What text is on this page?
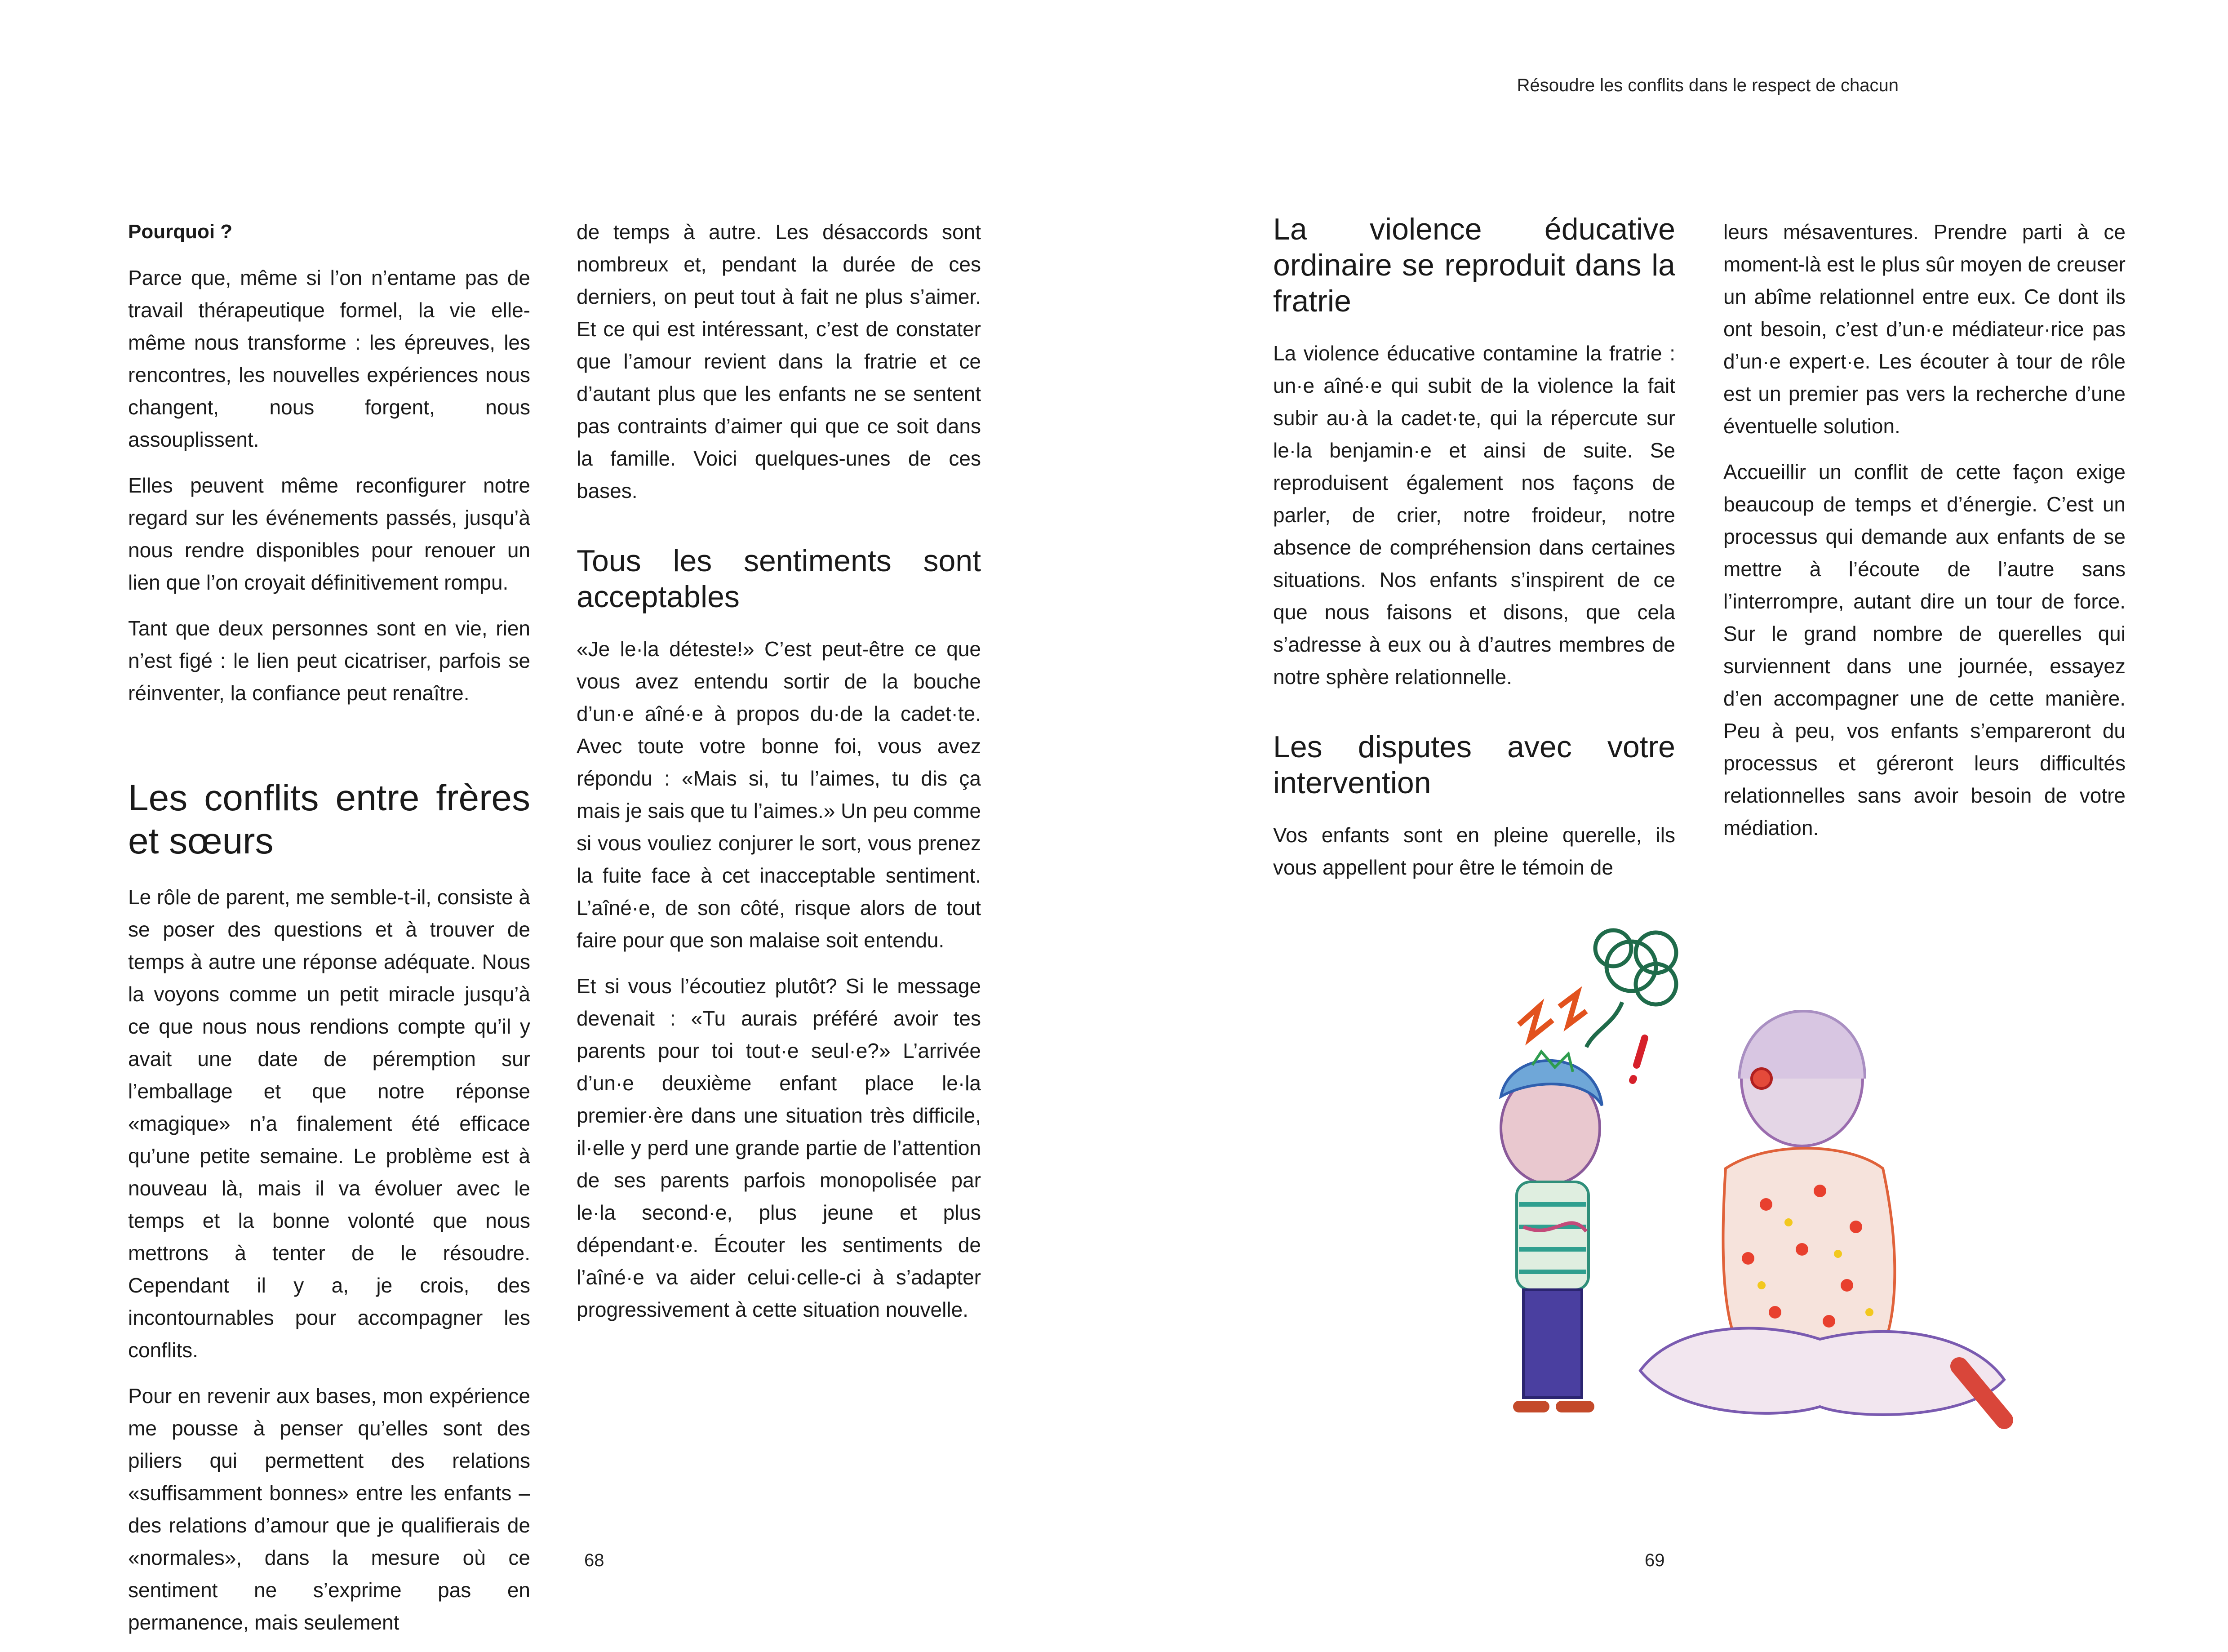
Résoudre les conflits dans le respect de chacun
Pourquoi ?

Parce que, même si l’on n’entame pas de travail thérapeutique formel, la vie elle-même nous transforme : les épreuves, les rencontres, les nouvelles expériences nous changent, nous forgent, nous assouplissent.

Elles peuvent même reconfigurer notre regard sur les événements passés, jusqu’à nous rendre disponibles pour renouer un lien que l’on croyait définitivement rompu.

Tant que deux personnes sont en vie, rien n’est figé : le lien peut cicatriser, parfois se réinventer, la confiance peut renaître.

Les conflits entre frères et sœurs

Le rôle de parent, me semble-t-il, consiste à se poser des questions et à trouver de temps à autre une réponse adéquate. Nous la voyons comme un petit miracle jusqu’à ce que nous nous rendions compte qu’il y avait une date de péremption sur l’emballage et que notre réponse «magique» n’a finalement été efficace qu’une petite semaine. Le problème est à nouveau là, mais il va évoluer avec le temps et la bonne volonté que nous mettrons à tenter de le résoudre. Cependant il y a, je crois, des incontournables pour accompagner les conflits.

Pour en revenir aux bases, mon expérience me pousse à penser qu’elles sont des piliers qui permettent des relations «suffisamment bonnes» entre les enfants – des relations d’amour que je qualifierais de «normales», dans la mesure où ce sentiment ne s’exprime pas en permanence, mais seulement

de temps à autre. Les désaccords sont nombreux et, pendant la durée de ces derniers, on peut tout à fait ne plus s’aimer. Et ce qui est intéressant, c’est de constater que l’amour revient dans la fratrie et ce d’autant plus que les enfants ne se sentent pas contraints d’aimer qui que ce soit dans la famille. Voici quelques-unes de ces bases.

Tous les sentiments sont acceptables

«Je le·la déteste!» C’est peut-être ce que vous avez entendu sortir de la bouche d’un·e aîné·e à propos du·de la cadet·te. Avec toute votre bonne foi, vous avez répondu : «Mais si, tu l’aimes, tu dis ça mais je sais que tu l’aimes.» Un peu comme si vous vouliez conjurer le sort, vous prenez la fuite face à cet inacceptable sentiment. L’aîné·e, de son côté, risque alors de tout faire pour que son malaise soit entendu.

Et si vous l’écoutiez plutôt? Si le message devenait : «Tu aurais préféré avoir tes parents pour toi tout·e seul·e?» L’arrivée d’un·e deuxième enfant place le·la premier·ère dans une situation très difficile, il·elle y perd une grande partie de l’attention de ses parents parfois monopolisée par le·la second·e, plus jeune et plus dépendant·e. Écouter les sentiments de l’aîné·e va aider celui·celle-ci à s’adapter progressivement à cette situation nouvelle.

68
La violence éducative ordinaire se reproduit dans la fratrie

La violence éducative contamine la fratrie : un·e aîné·e qui subit de la violence la fait subir au·à la cadet·te, qui la répercute sur le·la benjamin·e et ainsi de suite. Se reproduisent également nos façons de parler, de crier, notre froideur, notre absence de compréhension dans certaines situations. Nos enfants s’inspirent de ce que nous faisons et disons, que cela s’adresse à eux ou à d’autres membres de notre sphère relationnelle.

Les disputes avec votre intervention

Vos enfants sont en pleine querelle, ils vous appellent pour être le témoin de

leurs mésaventures. Prendre parti à ce moment-là est le plus sûr moyen de creuser un abîme relationnel entre eux. Ce dont ils ont besoin, c’est d’un·e médiateur·rice pas d’un·e expert·e. Les écouter à tour de rôle est un premier pas vers la recherche d’une éventuelle solution.

Accueillir un conflit de cette façon exige beaucoup de temps et d’énergie. C’est un processus qui demande aux enfants de se mettre à l’écoute de l’autre sans l’interrompre, autant dire un tour de force. Sur le grand nombre de querelles qui surviennent dans une journée, essayez d’en accompagner une de cette manière. Peu à peu, vos enfants s’empareront du processus et géreront leurs difficultés relationnelles sans avoir besoin de votre médiation.

69
